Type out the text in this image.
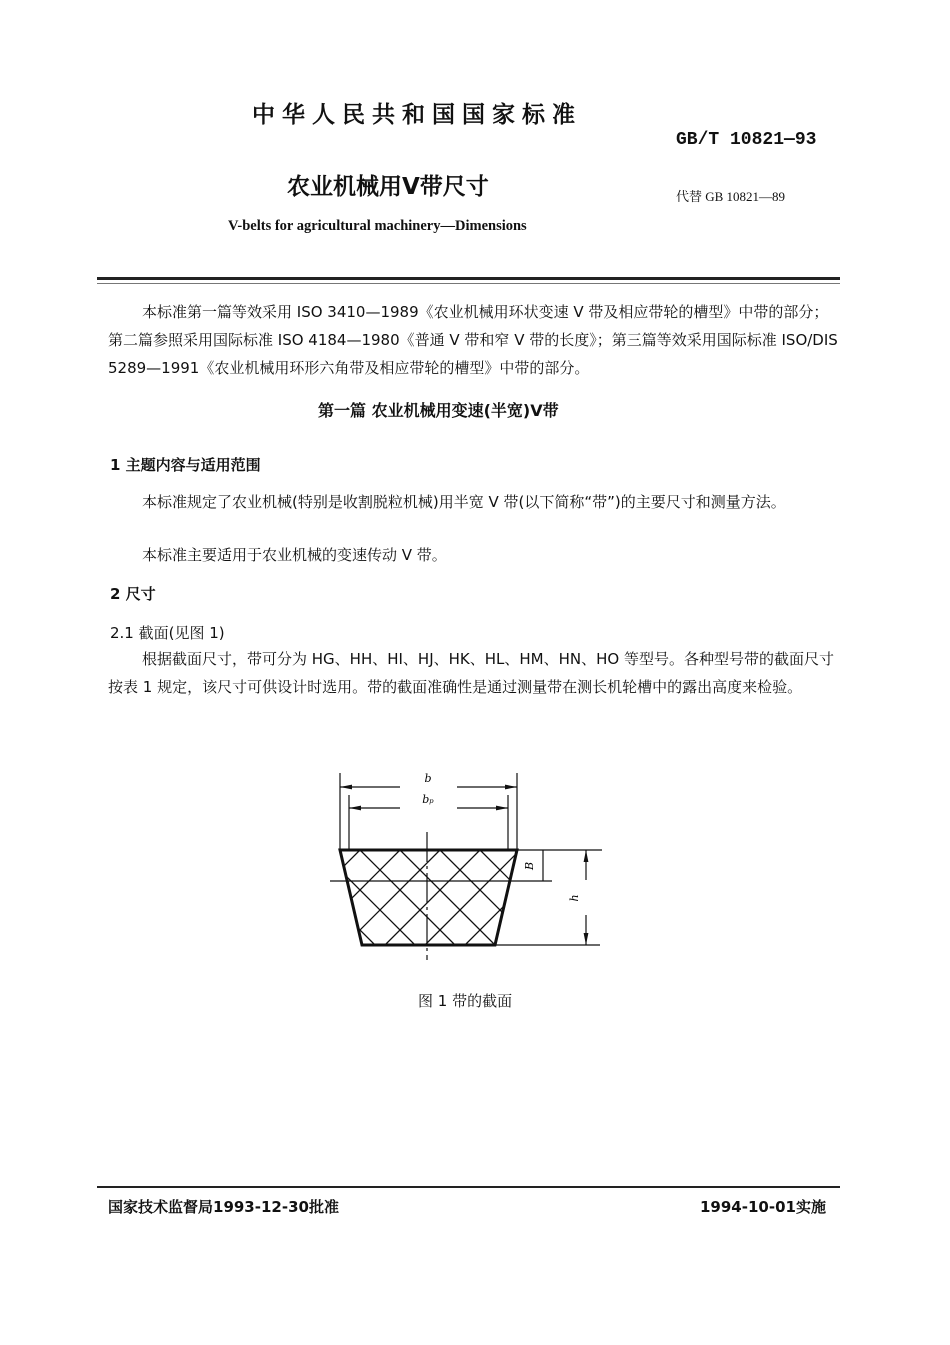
中华人民共和国国家标准
GB/T 10821—93
农业机械用V带尺寸	代替 GB 10821—89
V-belts for agricultural machinery—Dimensions
本标准第一篇等效采用 ISO 3410—1989《农业机械用环状变速 V 带及相应带轮的槽型》中带的部分；第二篇参照采用国际标准 ISO 4184—1980《普通 V 带和窄 V 带的长度》；第三篇等效采用国际标准 ISO/DIS 5289—1991《农业机械用环形六角带及相应带轮的槽型》中带的部分。
第一篇 农业机械用变速(半宽)V带
1 主题内容与适用范围
本标准规定了农业机械(特别是收割脱粒机械)用半宽 V 带(以下简称“带”)的主要尺寸和测量方法。
本标准主要适用于农业机械的变速传动 V 带。
2 尺寸
2.1 截面(见图 1)
根据截面尺寸，带可分为 HG、HH、HI、HJ、HK、HL、HM、HN、HO 等型号。各种型号带的截面尺寸按表 1 规定，该尺寸可供设计时选用。带的截面准确性是通过测量带在测长机轮槽中的露出高度来检验。
b
bₚ
B
h
图 1 带的截面
国家技术监督局1993-12-30批准	1994-10-01实施
